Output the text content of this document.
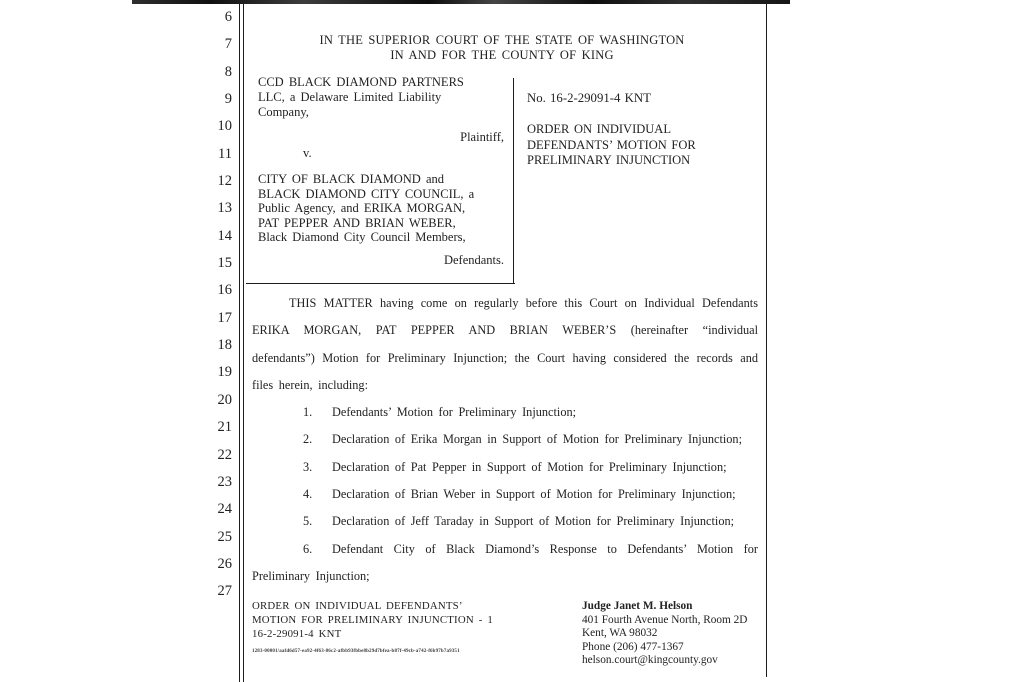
6
7
8
9
10
11
12
13
14
15
16
17
18
19
20
21
22
23
24
25
26
27
IN THE SUPERIOR COURT OF THE STATE OF WASHINGTON
IN AND FOR THE COUNTY OF KING
CCD BLACK DIAMOND PARTNERS
LLC, a Delaware Limited Liability
Company,
Plaintiff,
v.
CITY OF BLACK DIAMOND and
BLACK DIAMOND CITY COUNCIL, a
Public Agency, and ERIKA MORGAN,
PAT PEPPER AND BRIAN WEBER,
Black Diamond City Council Members,
Defendants.
No. 16-2-29091-4 KNT
ORDER ON INDIVIDUAL
DEFENDANTS’ MOTION FOR
PRELIMINARY INJUNCTION
THIS MATTER having come on regularly before this Court on Individual Defendants
ERIKA MORGAN, PAT PEPPER AND BRIAN WEBER’S (hereinafter “individual
defendants”) Motion for Preliminary Injunction; the Court having considered the records and
files herein, including:
1. Defendants’ Motion for Preliminary Injunction;
2. Declaration of Erika Morgan in Support of Motion for Preliminary Injunction;
3. Declaration of Pat Pepper in Support of Motion for Preliminary Injunction;
4. Declaration of Brian Weber in Support of Motion for Preliminary Injunction;
5. Declaration of Jeff Taraday in Support of Motion for Preliminary Injunction;
6. Defendant City of Black Diamond’s Response to Defendants’ Motion for
Preliminary Injunction;
ORDER ON INDIVIDUAL DEFENDANTS’
MOTION FOR PRELIMINARY INJUNCTION - 1
16-2-29091-4 KNT
1283-00001/aafd6d57-ea92-4f63-86c2-afbb93fbbe8b29d7bfea-b87f-49cb-a742-f6b97b7a9351
Judge Janet M. Helson
401 Fourth Avenue North, Room 2D
Kent, WA 98032
Phone (206) 477-1367
helson.court@kingcounty.gov
